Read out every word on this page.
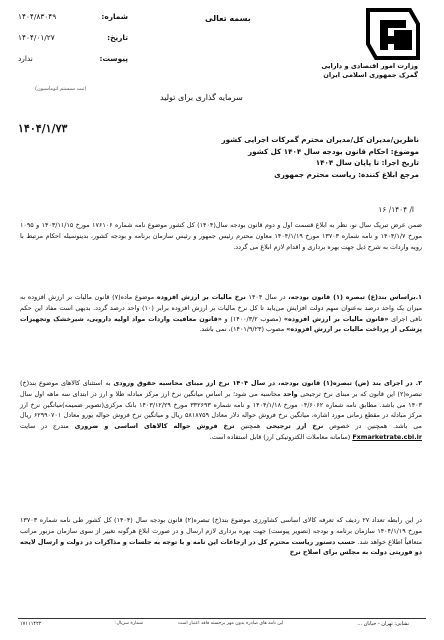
بسمه تعالی
وزارت امور اقتصادی و دارایی
گمرک جمهوری اسلامی ایران
شماره:
۱۴۰۴/۸۳۰۴۹
تاریخ:
۱۴۰۴/۰۱/۲۷
پیوست:
ندارد
(ثبت سیستم اتوماسیون)
سرمایه گذاری برای تولید
۱۴۰۴/۱/۷۳
ناظرین/مدیران کل/مدیران محترم گمرکات اجرایی کشور
موضوع: احکام قانون بودجه سال ۱۴۰۴ کل کشور
تاریخ اجرا: تا پایان سال ۱۴۰۴
مرجع ابلاغ کننده: ریاست محترم جمهوری
ا/ ۱۴۰۴/ ۱۶
ضمن عرض تبریک سال نو، نظر به ابلاغ قسمت اول و دوم قانون بودجه سال(۱۴۰۴) کل کشور موضوع نامه شماره ۱۷۶۱۰۶ مورخ ۱۴۰۳/۱۱/۱۵ و ۱۰۹۵ مورخ ۱۴۰۴/۱/۷ و نامه شماره ۱۳۷۰۳ مورخ ۱۴۰۴/۱/۱۹ معاون محترم رئیس جمهور و رئیس سازمان برنامه و بودجه کشور، بدینوسیله احکام مرتبط با رویه واردات به شرح ذیل جهت بهره برداری و اقدام لازم ابلاغ می گردد.
۱.براساس بند(ع) تبصره (۱) قانون بودجه، در سال ۱۴۰۴ نرخ مالیات بر ارزش افزوده موضوع ماده(۷) قانون مالیات بر ارزش افزوده به میزان یک واحد درصد به‌عنوان سهم دولت افزایش می‌یابد تا کل نرخ مالیات بر ارزش افزوده برابر (۱۰) واحد درصد گردد. بدیهی است مفاد این حکم نافی اجرای «قانون مالیات بر ارزش افزوده» (مصوب ۱۴۰۰/۳/۲) و «قانون معافیت واردات مواد اولیه دارویی، شیرخشک وتجهیزات پزشکی از پرداخت مالیات بر ارزش افزوده» مصوب (۱۴۰۱/۹/۲۳)، نمی باشد.
۲. در اجرای بند (ض) تبصره(۱) قانون بودجه، در سال ۱۴۰۴ نرخ ارز مبنای محاسبه حقوق ورودی به استثنای کالاهای موضوع بند(خ) تبصره(۲) این قانون که بر مبنای نرخ ترجیحی واحد محاسبه می شود؛ بر اساس میانگین نرخ ارز مرکز مبادله طلا و ارز در ابتدای سه ماهه اول سال ۱۴۰۳ می باشد. مطابق نامه شماره ۰۴/۶۰۶۲ مورخ ۱۴۰۴/۱/۱۸ و نامه شماره ۳۳۲۶۹۳ مورخ ۱۴۰۳/۱۲/۲۹ بانک مرکزی(تصویر ضمیمه)میانگین نرخ ارز مرکز مبادله در مقطع زمانی مورد اشاره، میانگین نرخ فروش حواله دلار معادل ۵۸۱۸۷۵۹ ریال و میانگین نرخ فروش حواله یورو معادل ۶۲۹۹۰۷۰۱ ریال می باشد. همچنین در خصوص نرخ ارز ترجیحی همچنین نرخ فروش حواله کالاهای اساسی و ضروری مندرج در سایت Fxmarketrate.cbi.ir (سامانه معاملات الکترونیکی ارز) قابل استفاده است.
در این رابطه تعداد ۲۷ ردیف که تعرفه کالای اساسی کشاورزی موضوع بند(خ) تبصره(۲) قانون بودجه سال (۱۴۰۴) کل کشور طی نامه شماره ۱۳۷۰۳ مورخ ۱۴۰۴/۱/۱۹ سازمان برنامه و بودجه (تصویر پیوست) جهت بهره برداری لازم ارسال و در صورت ابلاغ هرگونه تغییر از سوی سازمان مزبور مراتب متعاقباً اطلاع خواهد شد. حسب دستور ریاست محترم کل در ارجاعات این نامه و با توجه به جلسات و مذاکرات در دولت و ارسال لایحه دو فوریتی دولت به مجلس برای اصلاح نرخ
۱۷۱۱۱۴۲۲	شماره سریال:	این نامه های صادره بدون مهر برجسته فاقد اعتبار است	نشانی: تهران - خیابان ...
